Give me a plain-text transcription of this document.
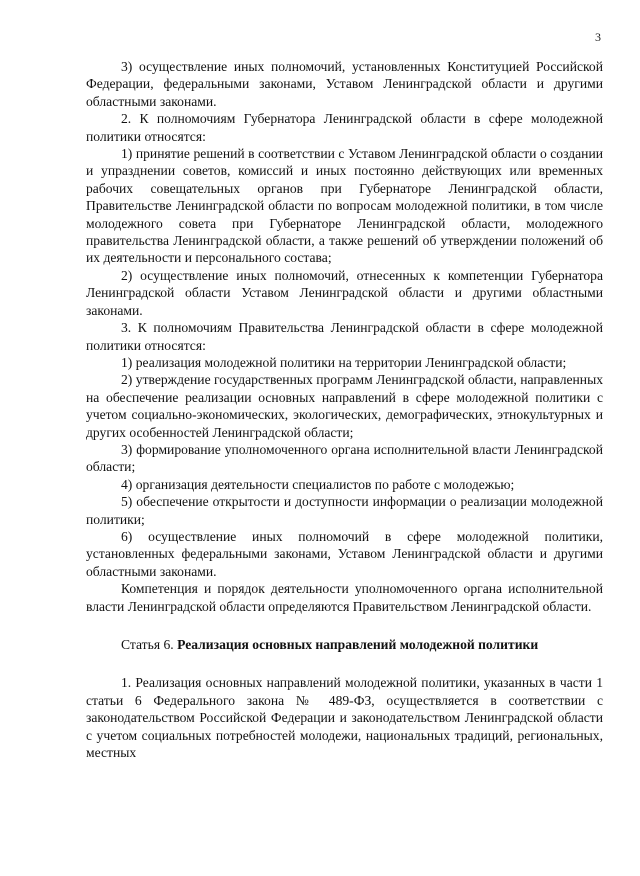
3

3) осуществление иных полномочий, установленных Конституцией Российской Федерации, федеральными законами, Уставом Ленинградской области и другими областными законами.

2. К полномочиям Губернатора Ленинградской области в сфере молодежной политики относятся:

1) принятие решений в соответствии с Уставом Ленинградской области о создании и упразднении советов, комиссий и иных постоянно действующих или временных рабочих совещательных органов при Губернаторе Ленинградской области, Правительстве Ленинградской области по вопросам молодежной политики, в том числе молодежного совета при Губернаторе Ленинградской области, молодежного правительства Ленинградской области, а также решений об утверждении положений об их деятельности и персонального состава;

2) осуществление иных полномочий, отнесенных к компетенции Губернатора Ленинградской области Уставом Ленинградской области и другими областными законами.

3. К полномочиям Правительства Ленинградской области в сфере молодежной политики относятся:

1) реализация молодежной политики на территории Ленинградской области;

2) утверждение государственных программ Ленинградской области, направленных на обеспечение реализации основных направлений в сфере молодежной политики с учетом социально-экономических, экологических, демографических, этнокультурных и других особенностей Ленинградской области;

3) формирование уполномоченного органа исполнительной власти Ленинградской области;

4) организация деятельности специалистов по работе с молодежью;

5) обеспечение открытости и доступности информации о реализации молодежной политики;

6) осуществление иных полномочий в сфере молодежной политики, установленных федеральными законами, Уставом Ленинградской области и другими областными законами.

Компетенция и порядок деятельности уполномоченного органа исполнительной власти Ленинградской области определяются Правительством Ленинградской области.

Статья 6. Реализация основных направлений молодежной политики

1. Реализация основных направлений молодежной политики, указанных в части 1 статьи 6 Федерального закона № 489-ФЗ, осуществляется в соответствии с законодательством Российской Федерации и законодательством Ленинградской области с учетом социальных потребностей молодежи, национальных традиций, региональных, местных
